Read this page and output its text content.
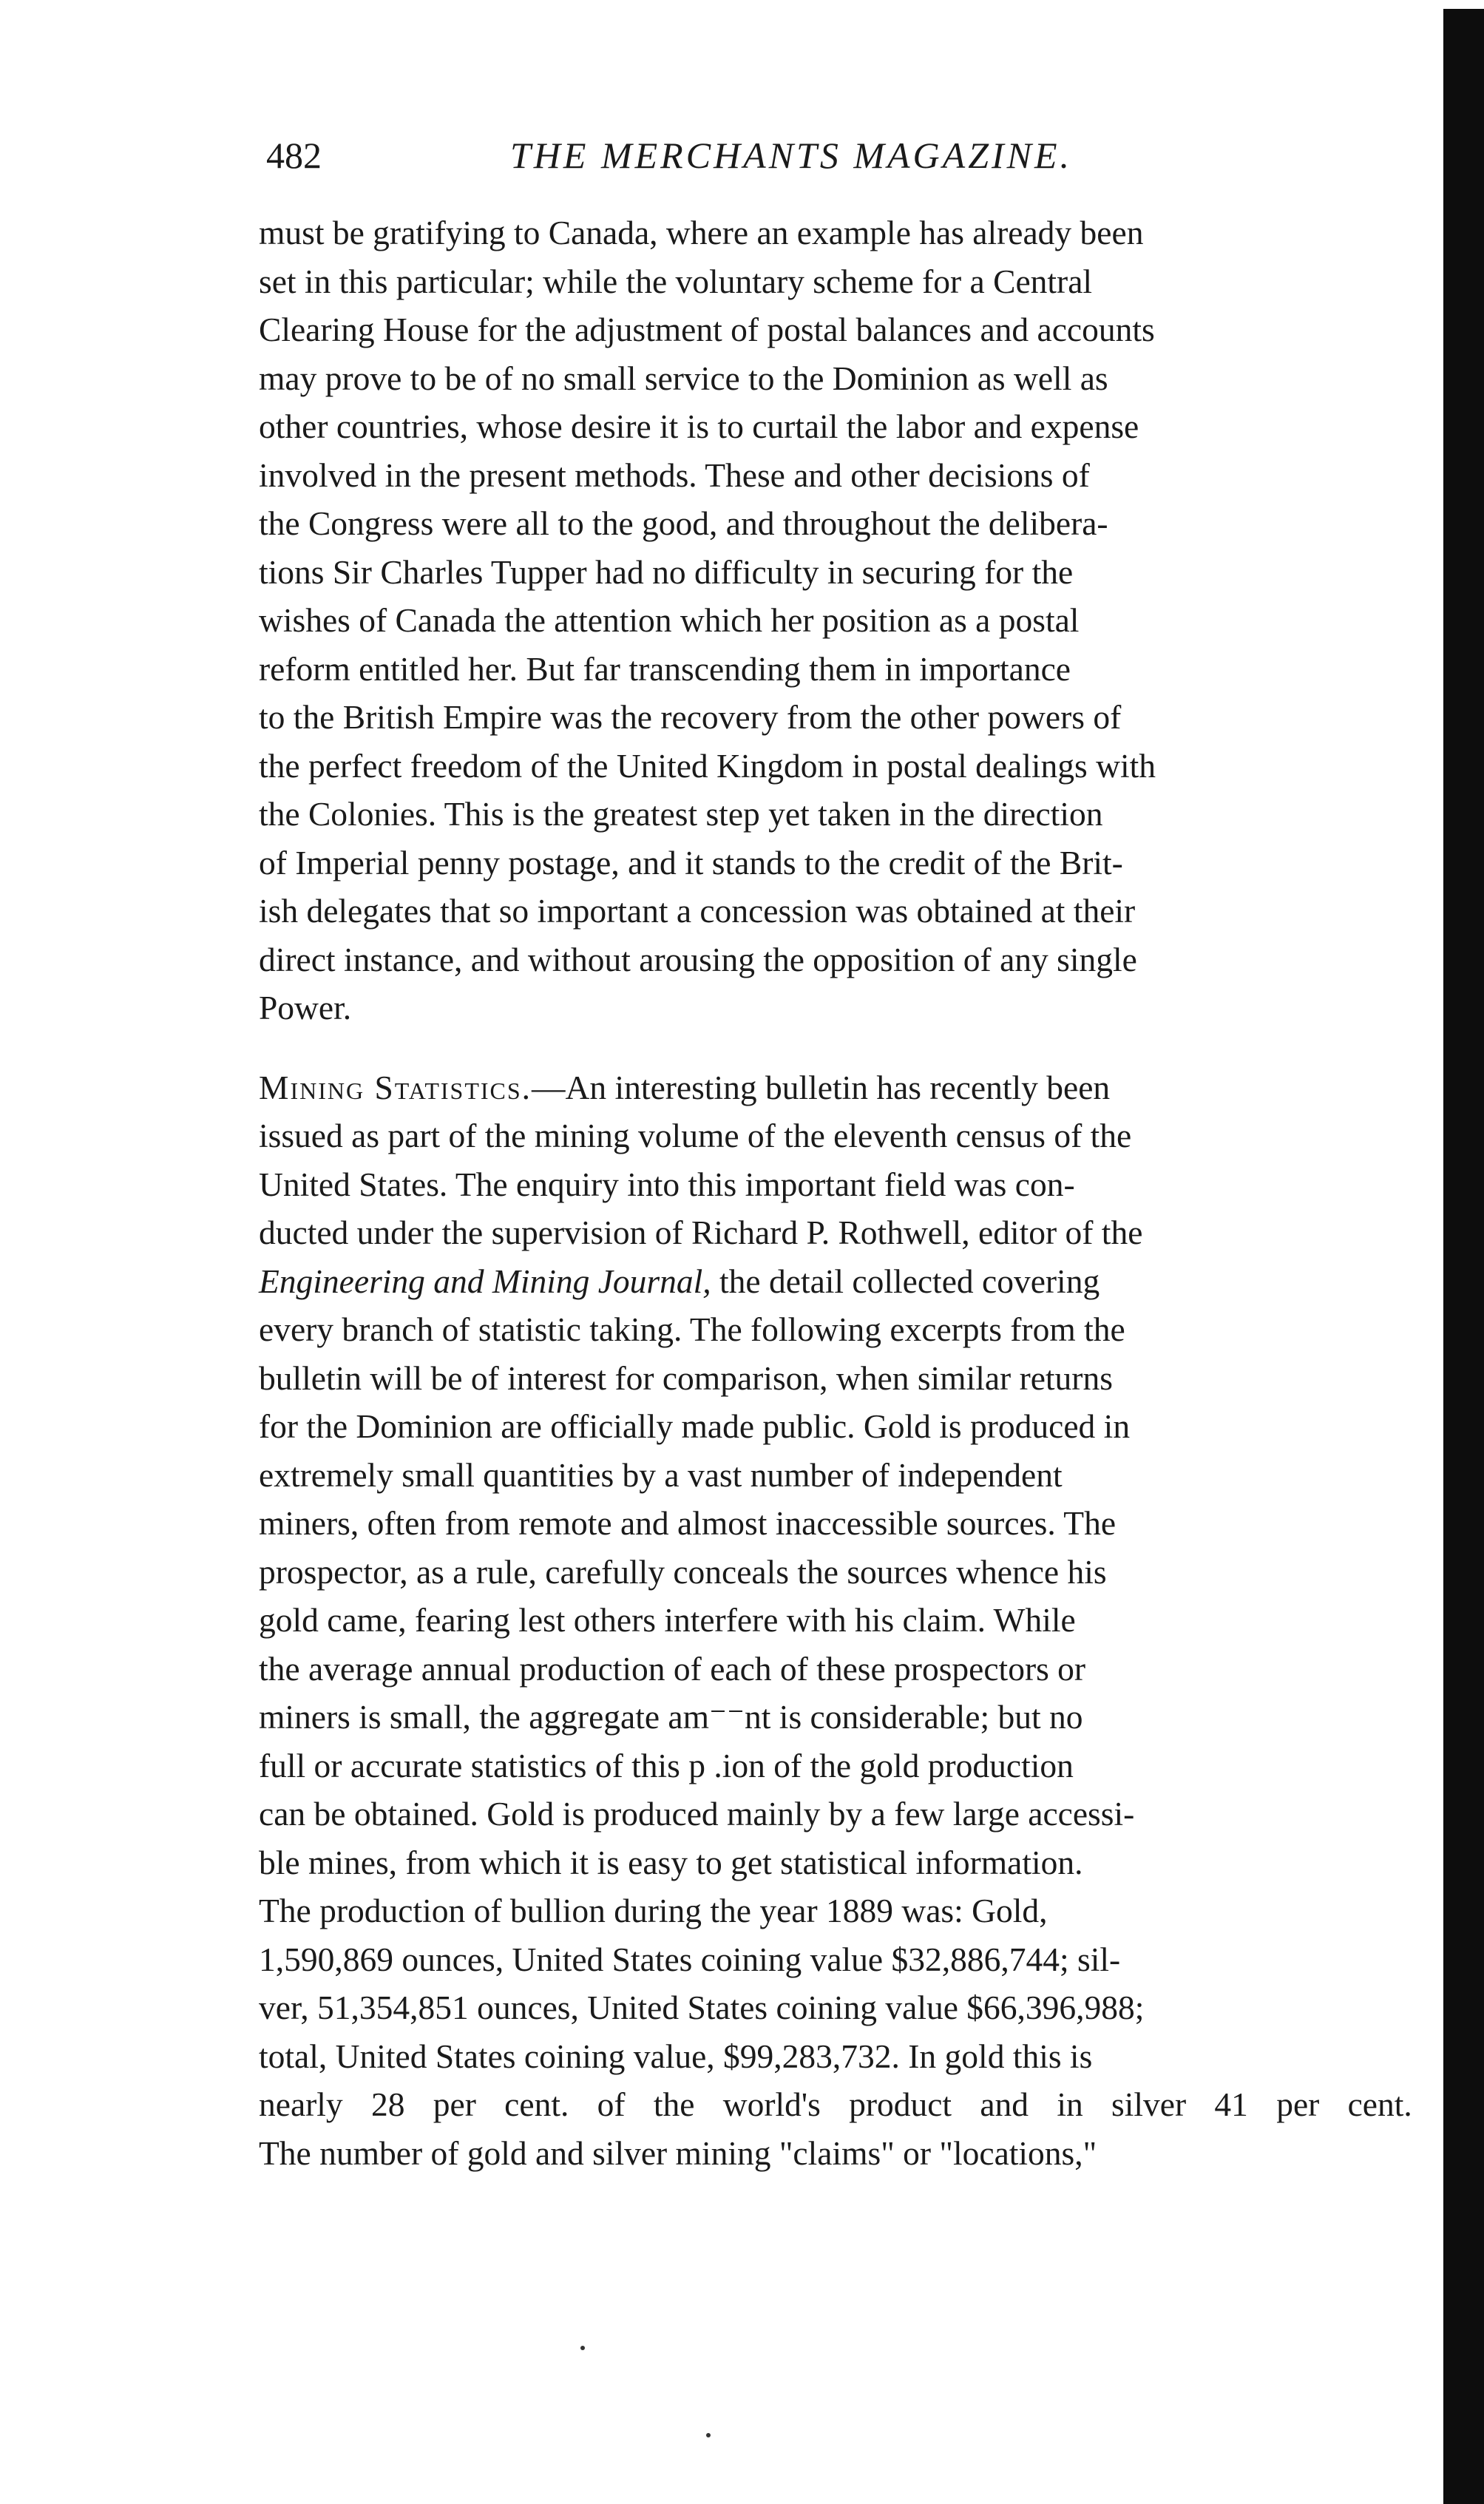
482	THE MERCHANTS MAGAZINE.

must be gratifying to Canada, where an example has already been
set in this particular; while the voluntary scheme for a Central
Clearing House for the adjustment of postal balances and accounts
may prove to be of no small service to the Dominion as well as
other countries, whose desire it is to curtail the labor and expense
involved in the present methods. These and other decisions of
the Congress were all to the good, and throughout the delibera-
tions Sir Charles Tupper had no difficulty in securing for the
wishes of Canada the attention which her position as a postal
reform entitled her. But far transcending them in importance
to the British Empire was the recovery from the other powers of
the perfect freedom of the United Kingdom in postal dealings with
the Colonies. This is the greatest step yet taken in the direction
of Imperial penny postage, and it stands to the credit of the Brit-
ish delegates that so important a concession was obtained at their
direct instance, and without arousing the opposition of any single
Power.

Mining Statistics.—An interesting bulletin has recently been
issued as part of the mining volume of the eleventh census of the
United States. The enquiry into this important field was con-
ducted under the supervision of Richard P. Rothwell, editor of the
Engineering and Mining Journal, the detail collected covering
every branch of statistic taking. The following excerpts from the
bulletin will be of interest for comparison, when similar returns
for the Dominion are officially made public. Gold is produced in
extremely small quantities by a vast number of independent
miners, often from remote and almost inaccessible sources. The
prospector, as a rule, carefully conceals the sources whence his
gold came, fearing lest others interfere with his claim. While
the average annual production of each of these prospectors or
miners is small, the aggregate am⁻⁻nt is considerable; but no
full or accurate statistics of this p .ion of the gold production
can be obtained. Gold is produced mainly by a few large accessi-
ble mines, from which it is easy to get statistical information.
The production of bullion during the year 1889 was: Gold,
1,590,869 ounces, United States coining value $32,886,744; sil-
ver, 51,354,851 ounces, United States coining value $66,396,988;
total, United States coining value, $99,283,732. In gold this is
nearly 28 per cent. of the world's product and in silver 41 per cent.
The number of gold and silver mining "claims" or "locations,"
